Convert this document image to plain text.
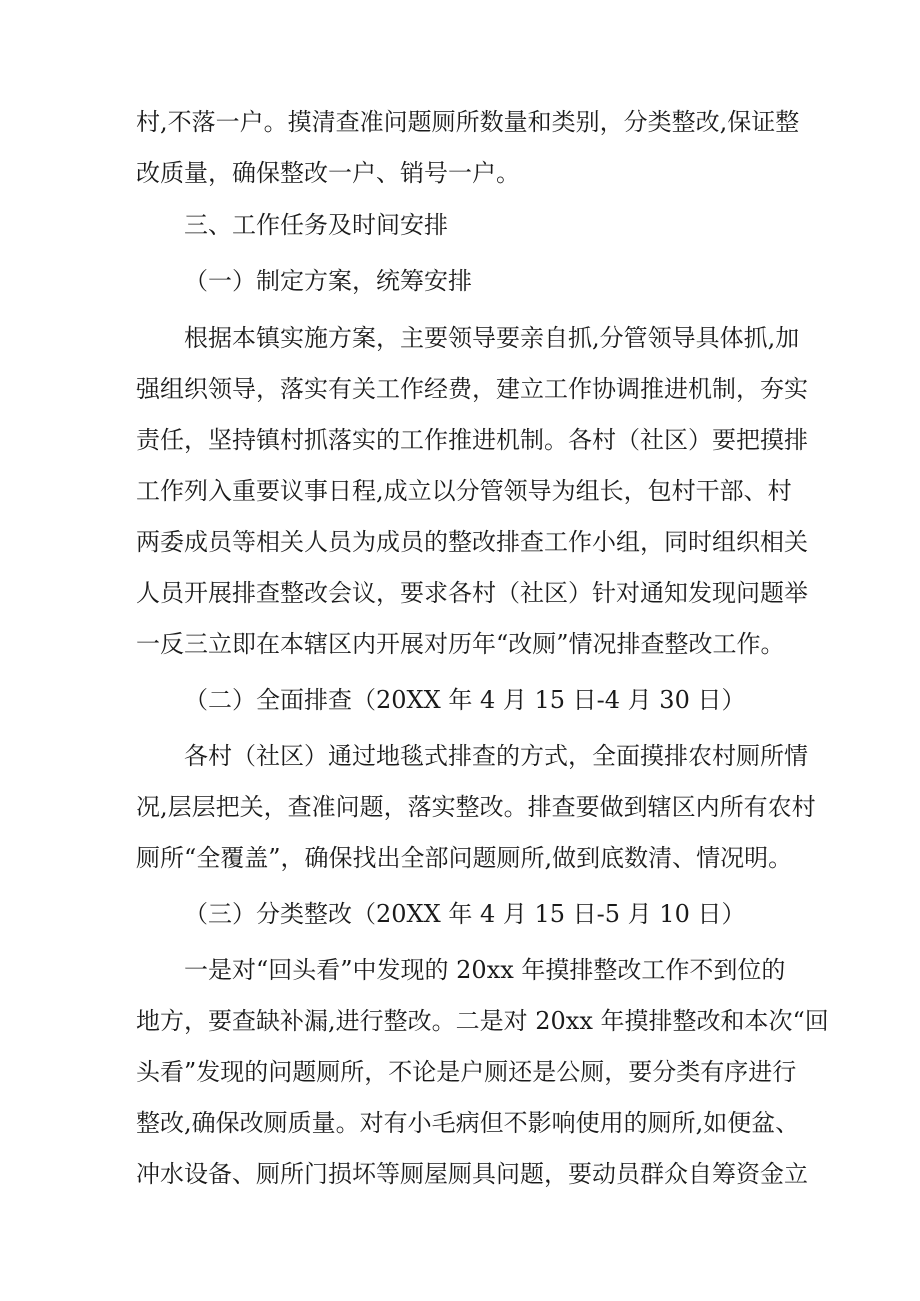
村,不落一户。摸清查准问题厕所数量和类别，分类整改,保证整

改质量，确保整改一户、销号一户。

三、工作任务及时间安排

（一）制定方案，统筹安排

根据本镇实施方案，主要领导要亲自抓,分管领导具体抓,加

强组织领导，落实有关工作经费，建立工作协调推进机制，夯实

责任，坚持镇村抓落实的工作推进机制。各村（社区）要把摸排

工作列入重要议事日程,成立以分管领导为组长，包村干部、村

两委成员等相关人员为成员的整改排查工作小组，同时组织相关

人员开展排查整改会议，要求各村（社区）针对通知发现问题举

一反三立即在本辖区内开展对历年“改厕”情况排查整改工作。

（二）全面排查（20XX 年 4 月 15 日-4 月 30 日）

各村（社区）通过地毯式排查的方式，全面摸排农村厕所情

况,层层把关，查准问题，落实整改。排查要做到辖区内所有农村

厕所“全覆盖”，确保找出全部问题厕所,做到底数清、情况明。

（三）分类整改（20XX 年 4 月 15 日-5 月 10 日）

一是对“回头看”中发现的 20xx 年摸排整改工作不到位的

地方，要查缺补漏,进行整改。二是对 20xx 年摸排整改和本次“回

头看”发现的问题厕所，不论是户厕还是公厕，要分类有序进行

整改,确保改厕质量。对有小毛病但不影响使用的厕所,如便盆、

冲水设备、厕所门损坏等厕屋厕具问题，要动员群众自筹资金立
